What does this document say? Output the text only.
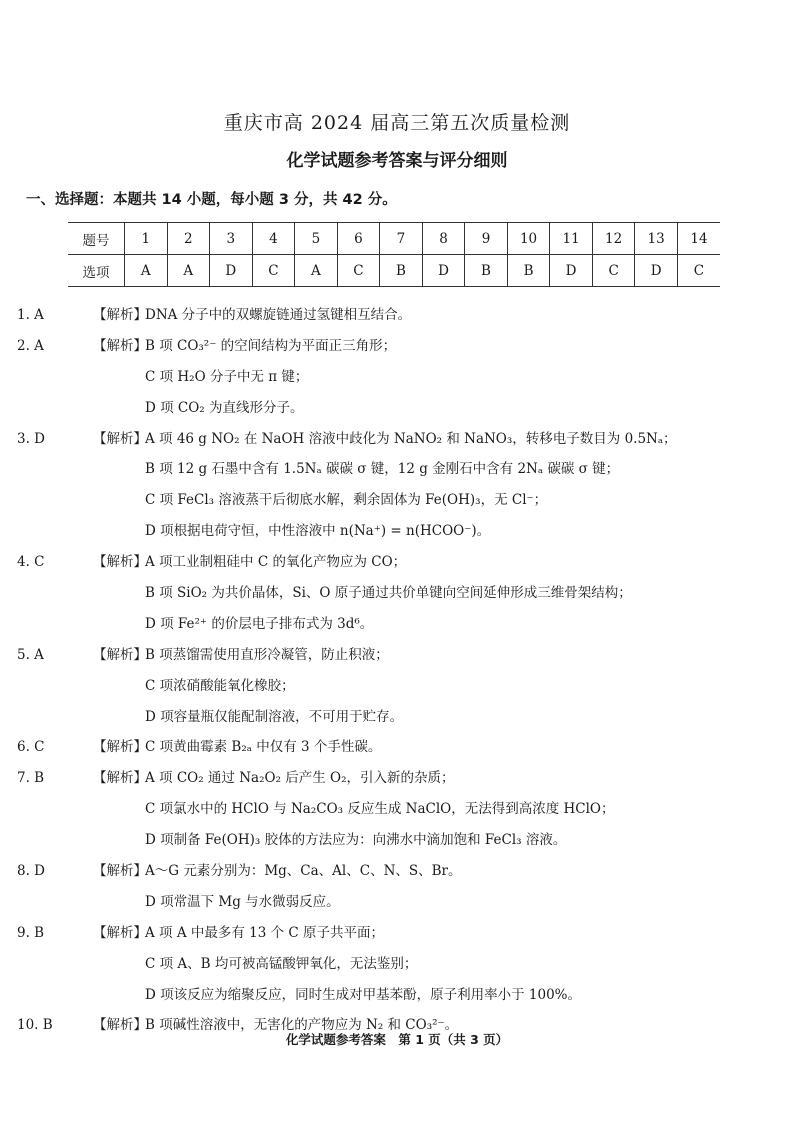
重庆市高 2024 届高三第五次质量检测
化学试题参考答案与评分细则
一、选择题：本题共 14 小题，每小题 3 分，共 42 分。
题号	1	2	3	4	5	6	7	8	9	10	11	12	13	14
选项	A	A	D	C	A	C	B	D	B	B	D	C	D	C
1. A	【解析】DNA 分子中的双螺旋链通过氢键相互结合。
2. A	【解析】B 项 CO₃²⁻ 的空间结构为平面正三角形；
C 项 H₂O 分子中无 π 键；
D 项 CO₂ 为直线形分子。
3. D	【解析】A 项 46 g NO₂ 在 NaOH 溶液中歧化为 NaNO₂ 和 NaNO₃，转移电子数目为 0.5Nₐ；
B 项 12 g 石墨中含有 1.5Nₐ 碳碳 σ 键，12 g 金刚石中含有 2Nₐ 碳碳 σ 键；
C 项 FeCl₃ 溶液蒸干后彻底水解，剩余固体为 Fe(OH)₃，无 Cl⁻；
D 项根据电荷守恒，中性溶液中 n(Na⁺) = n(HCOO⁻)。
4. C	【解析】A 项工业制粗硅中 C 的氧化产物应为 CO；
B 项 SiO₂ 为共价晶体，Si、O 原子通过共价单键向空间延伸形成三维骨架结构；
D 项 Fe²⁺ 的价层电子排布式为 3d⁶。
5. A	【解析】B 项蒸馏需使用直形冷凝管，防止积液；
C 项浓硝酸能氧化橡胶；
D 项容量瓶仅能配制溶液，不可用于贮存。
6. C	【解析】C 项黄曲霉素 B₂ₐ 中仅有 3 个手性碳。
7. B	【解析】A 项 CO₂ 通过 Na₂O₂ 后产生 O₂，引入新的杂质；
C 项氯水中的 HClO 与 Na₂CO₃ 反应生成 NaClO，无法得到高浓度 HClO；
D 项制备 Fe(OH)₃ 胶体的方法应为：向沸水中滴加饱和 FeCl₃ 溶液。
8. D	【解析】A～G 元素分别为：Mg、Ca、Al、C、N、S、Br。
D 项常温下 Mg 与水微弱反应。
9. B	【解析】A 项 A 中最多有 13 个 C 原子共平面；
C 项 A、B 均可被高锰酸钾氧化，无法鉴别；
D 项该反应为缩聚反应，同时生成对甲基苯酚，原子利用率小于 100%。
10. B	【解析】B 项碱性溶液中，无害化的产物应为 N₂ 和 CO₃²⁻。
化学试题参考答案　第 1 页（共 3 页）
